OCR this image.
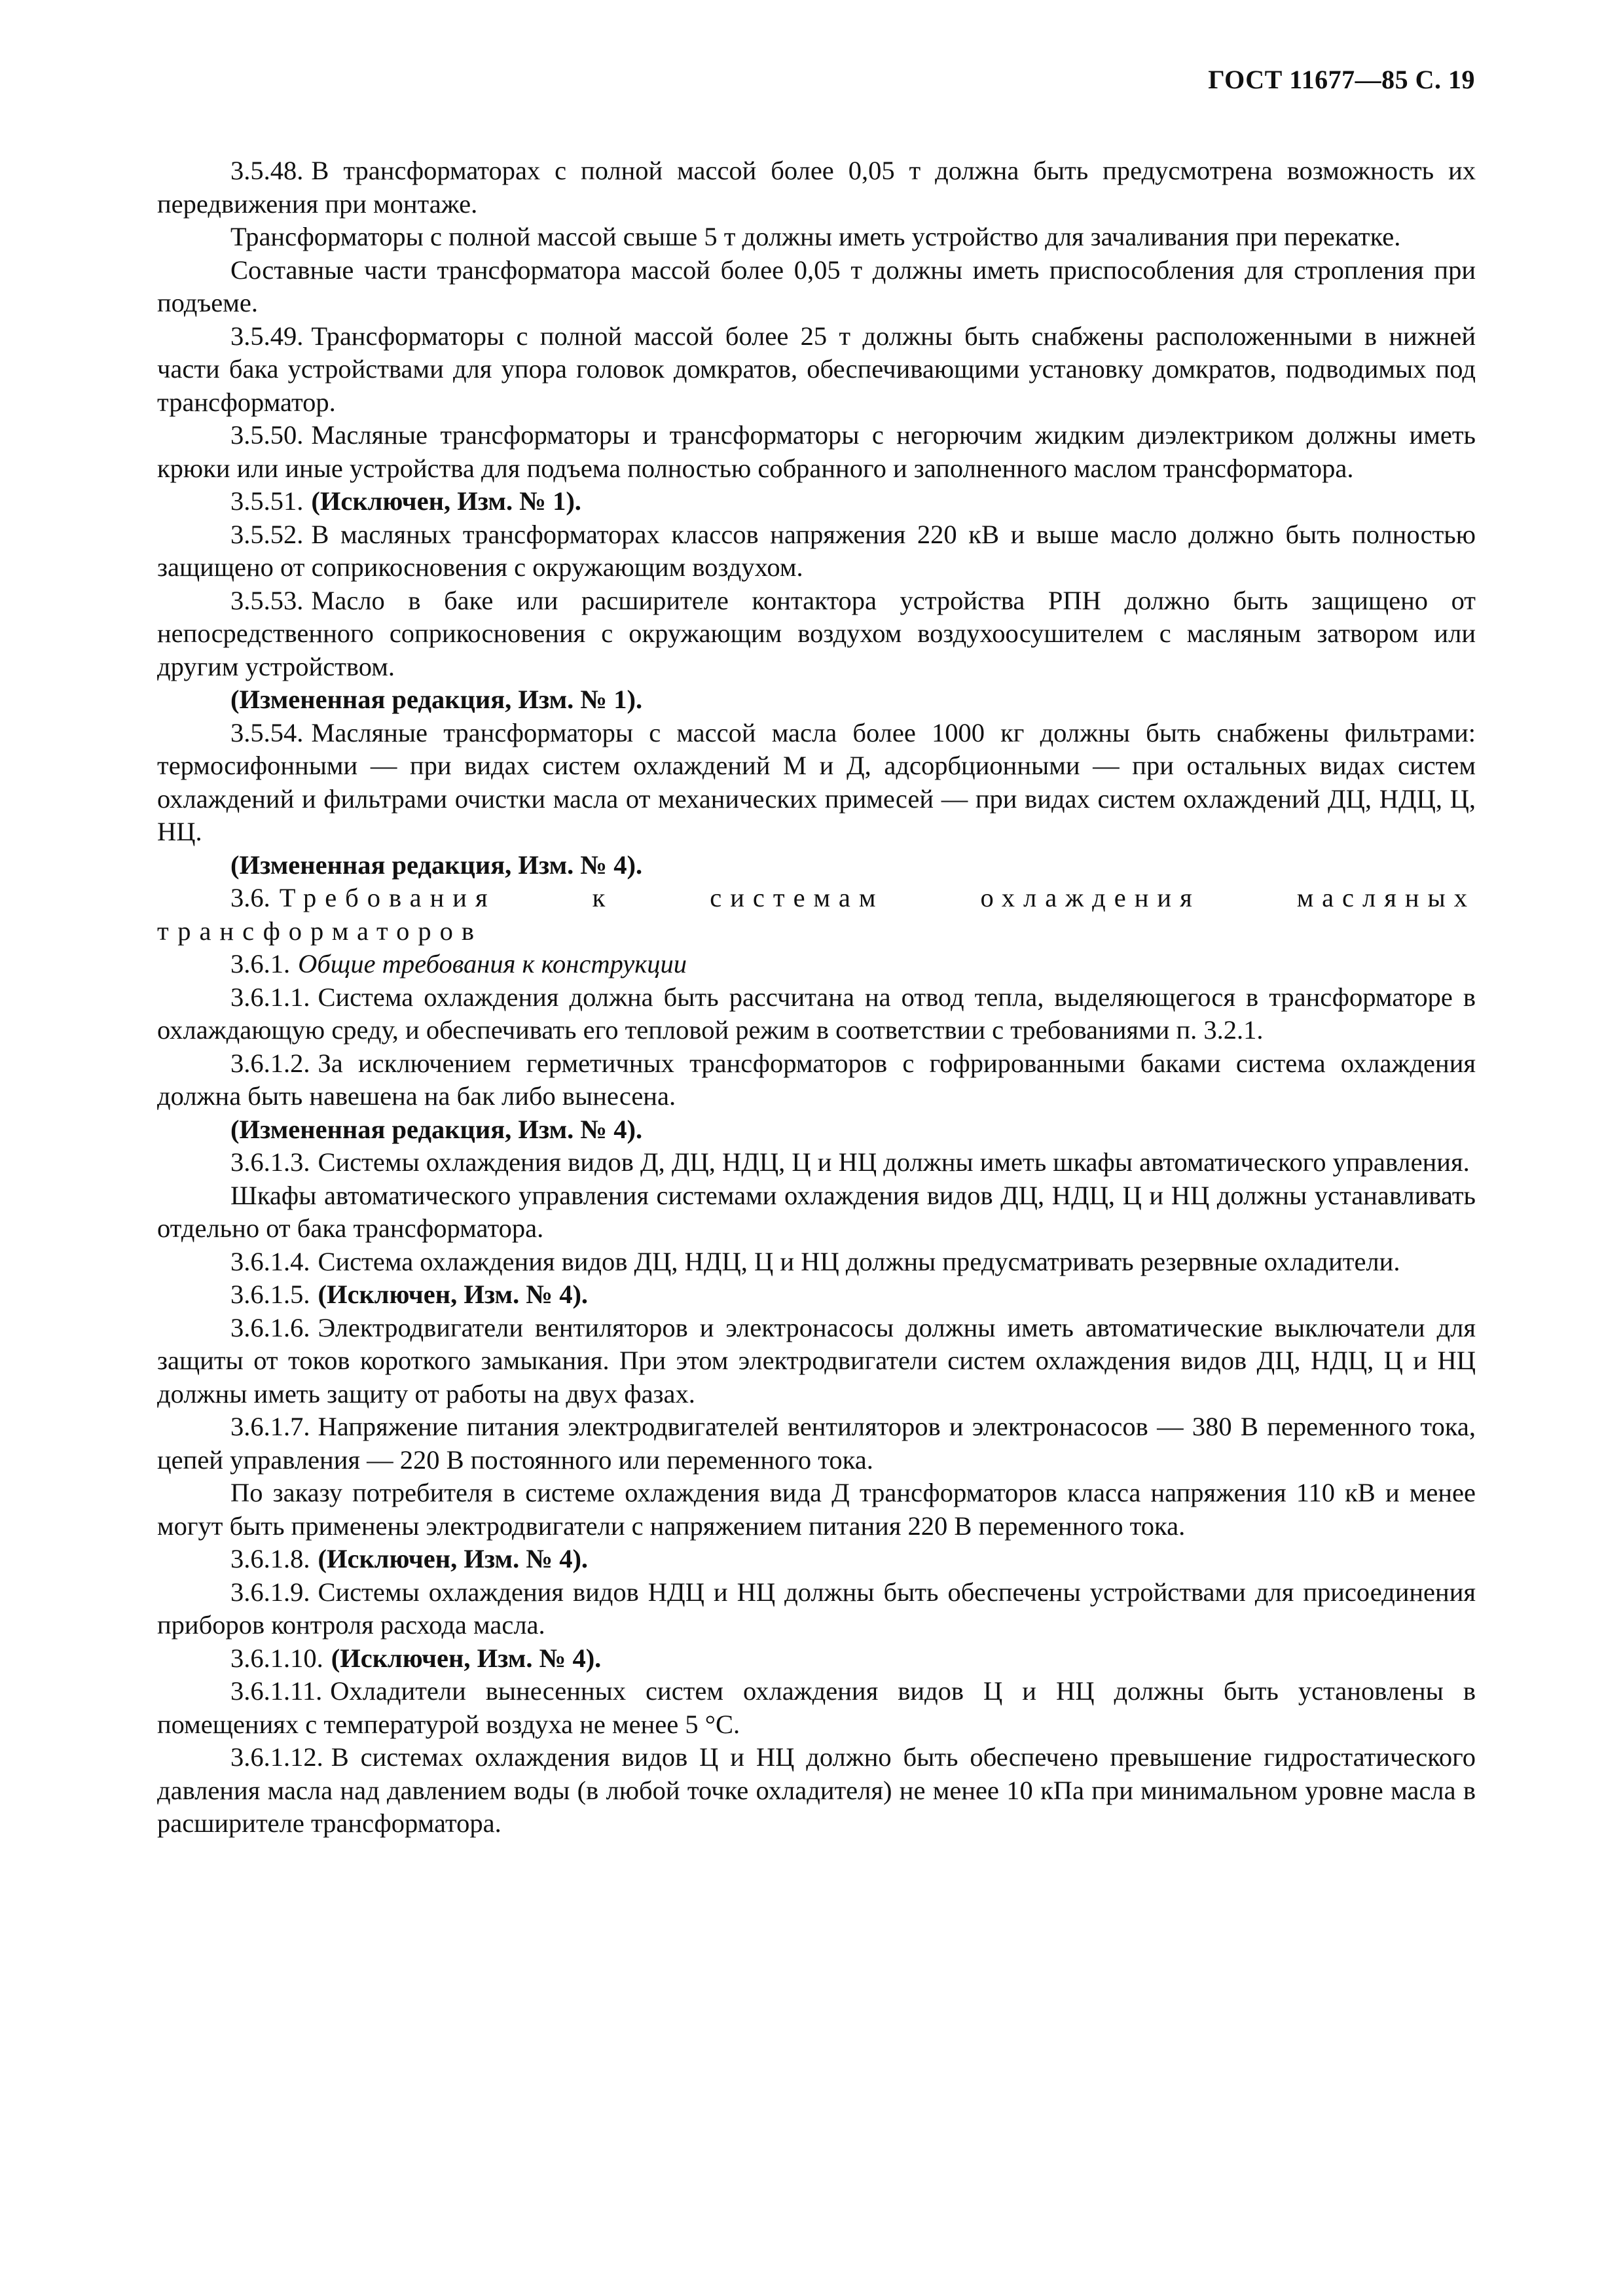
ГОСТ 11677—85 С. 19

3.5.48. В трансформаторах с полной массой более 0,05 т должна быть предусмотрена возможность их передвижения при монтаже.

Трансформаторы с полной массой свыше 5 т должны иметь устройство для зачаливания при перекатке.

Составные части трансформатора массой более 0,05 т должны иметь приспособления для стропления при подъеме.

3.5.49. Трансформаторы с полной массой более 25 т должны быть снабжены расположенными в нижней части бака устройствами для упора головок домкратов, обеспечивающими установку домкратов, подводимых под трансформатор.

3.5.50. Масляные трансформаторы и трансформаторы с негорючим жидким диэлектриком должны иметь крюки или иные устройства для подъема полностью собранного и заполненного маслом трансформатора.

3.5.51. (Исключен, Изм. № 1).

3.5.52. В масляных трансформаторах классов напряжения 220 кВ и выше масло должно быть полностью защищено от соприкосновения с окружающим воздухом.

3.5.53. Масло в баке или расширителе контактора устройства РПН должно быть защищено от непосредственного соприкосновения с окружающим воздухом воздухоосушителем с масляным затвором или другим устройством.

(Измененная редакция, Изм. № 1).

3.5.54. Масляные трансформаторы с массой масла более 1000 кг должны быть снабжены фильтрами: термосифонными — при видах систем охлаждений М и Д, адсорбционными — при остальных видах систем охлаждений и фильтрами очистки масла от механических примесей — при видах систем охлаждений ДЦ, НДЦ, Ц, НЦ.

(Измененная редакция, Изм. № 4).

3.6. Требования к системам охлаждения масляных трансформаторов

3.6.1. Общие требования к конструкции

3.6.1.1. Система охлаждения должна быть рассчитана на отвод тепла, выделяющегося в трансформаторе в охлаждающую среду, и обеспечивать его тепловой режим в соответствии с требованиями п. 3.2.1.

3.6.1.2. За исключением герметичных трансформаторов с гофрированными баками система охлаждения должна быть навешена на бак либо вынесена.

(Измененная редакция, Изм. № 4).

3.6.1.3. Системы охлаждения видов Д, ДЦ, НДЦ, Ц и НЦ должны иметь шкафы автоматического управления.

Шкафы автоматического управления системами охлаждения видов ДЦ, НДЦ, Ц и НЦ должны устанавливать отдельно от бака трансформатора.

3.6.1.4. Система охлаждения видов ДЦ, НДЦ, Ц и НЦ должны предусматривать резервные охладители.

3.6.1.5. (Исключен, Изм. № 4).

3.6.1.6. Электродвигатели вентиляторов и электронасосы должны иметь автоматические выключатели для защиты от токов короткого замыкания. При этом электродвигатели систем охлаждения видов ДЦ, НДЦ, Ц и НЦ должны иметь защиту от работы на двух фазах.

3.6.1.7. Напряжение питания электродвигателей вентиляторов и электронасосов — 380 В переменного тока, цепей управления — 220 В постоянного или переменного тока.

По заказу потребителя в системе охлаждения вида Д трансформаторов класса напряжения 110 кВ и менее могут быть применены электродвигатели с напряжением питания 220 В переменного тока.

3.6.1.8. (Исключен, Изм. № 4).

3.6.1.9. Системы охлаждения видов НДЦ и НЦ должны быть обеспечены устройствами для присоединения приборов контроля расхода масла.

3.6.1.10. (Исключен, Изм. № 4).

3.6.1.11. Охладители вынесенных систем охлаждения видов Ц и НЦ должны быть установлены в помещениях с температурой воздуха не менее 5 °С.

3.6.1.12. В системах охлаждения видов Ц и НЦ должно быть обеспечено превышение гидростатического давления масла над давлением воды (в любой точке охладителя) не менее 10 кПа при минимальном уровне масла в расширителе трансформатора.
